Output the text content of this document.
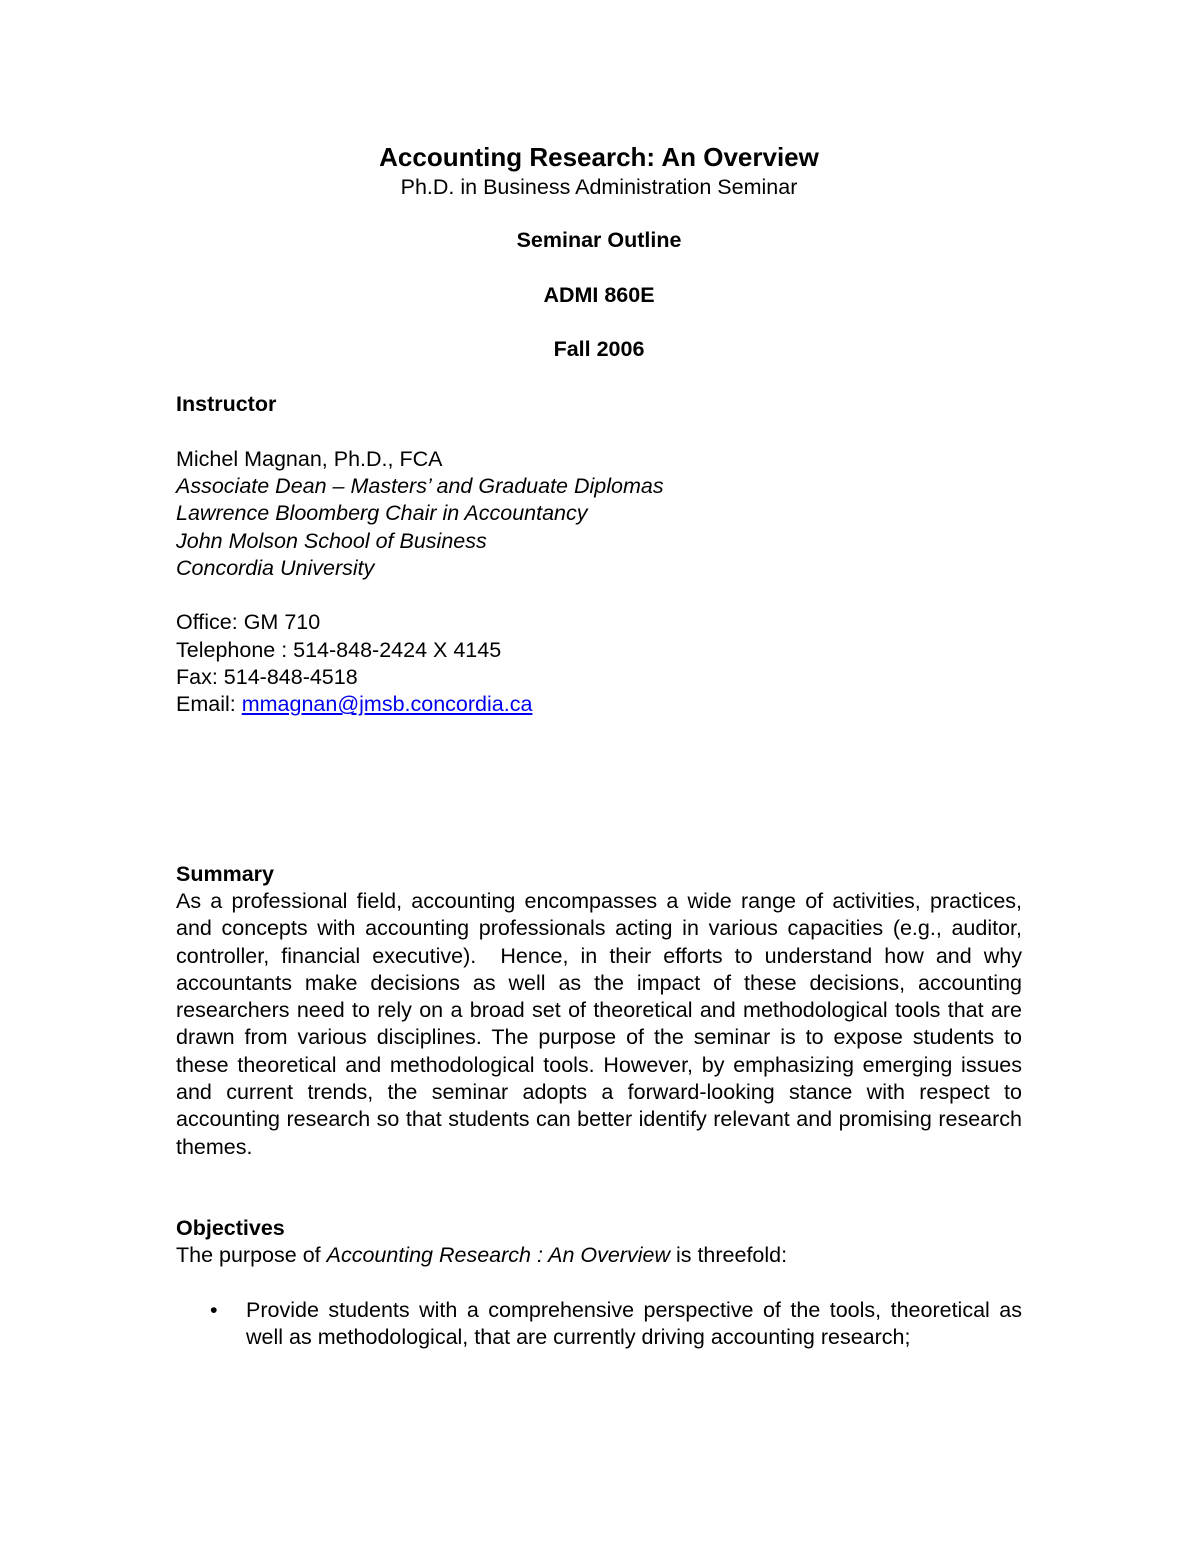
Accounting Research: An Overview
Ph.D. in Business Administration Seminar
Seminar Outline
ADMI 860E
Fall 2006
Instructor
Michel Magnan, Ph.D., FCA
Associate Dean – Masters’ and Graduate Diplomas
Lawrence Bloomberg Chair in Accountancy
John Molson School of Business
Concordia University
Office: GM 710
Telephone : 514-848-2424 X 4145
Fax: 514-848-4518
Email: mmagnan@jmsb.concordia.ca
Summary
As a professional field, accounting encompasses a wide range of activities, practices, and concepts with accounting professionals acting in various capacities (e.g., auditor, controller, financial executive).  Hence, in their efforts to understand how and why accountants make decisions as well as the impact of these decisions, accounting researchers need to rely on a broad set of theoretical and methodological tools that are drawn from various disciplines. The purpose of the seminar is to expose students to these theoretical and methodological tools. However, by emphasizing emerging issues and current trends, the seminar adopts a forward-looking stance with respect to accounting research so that students can better identify relevant and promising research themes.
Objectives
The purpose of Accounting Research : An Overview is threefold:
• Provide students with a comprehensive perspective of the tools, theoretical as well as methodological, that are currently driving accounting research;
